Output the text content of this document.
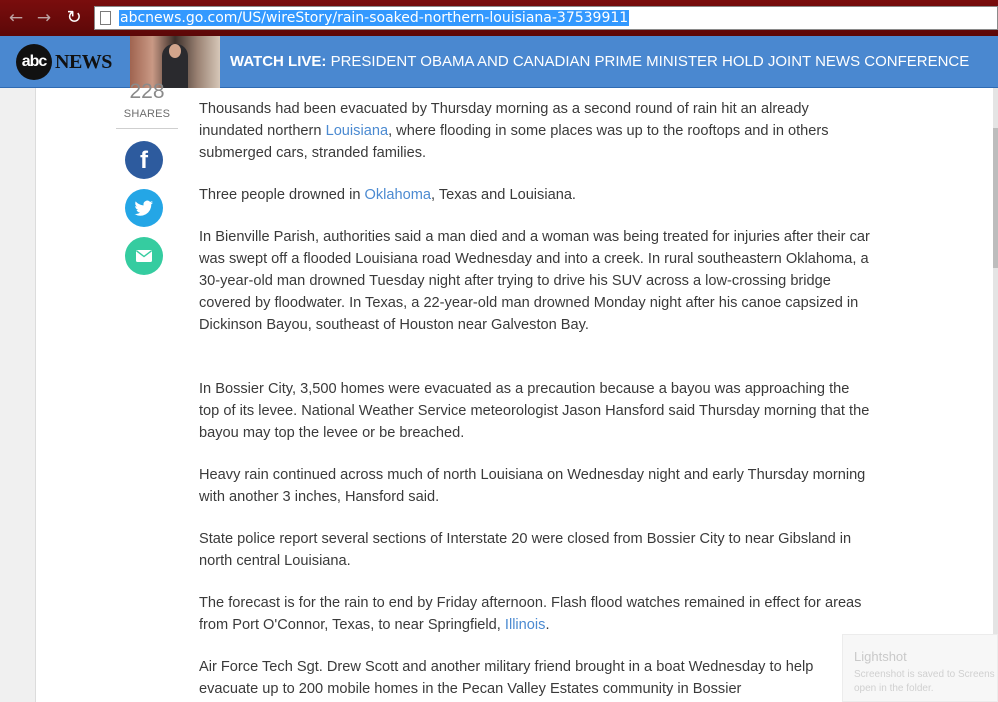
← → ↻	abcnews.go.com/US/wireStory/rain-soaked-northern-louisiana-37539911
abc NEWS	WATCH LIVE: PRESIDENT OBAMA AND CANADIAN PRIME MINISTER HOLD JOINT NEWS CONFERENCE
228
SHARES
f

Thousands had been evacuated by Thursday morning as a second round of rain hit an already inundated northern Louisiana, where flooding in some places was up to the rooftops and in others submerged cars, stranded families.

Three people drowned in Oklahoma, Texas and Louisiana.

In Bienville Parish, authorities said a man died and a woman was being treated for injuries after their car was swept off a flooded Louisiana road Wednesday and into a creek. In rural southeastern Oklahoma, a 30-year-old man drowned Tuesday night after trying to drive his SUV across a low-crossing bridge covered by floodwater. In Texas, a 22-year-old man drowned Monday night after his canoe capsized in Dickinson Bayou, southeast of Houston near Galveston Bay.

In Bossier City, 3,500 homes were evacuated as a precaution because a bayou was approaching the top of its levee. National Weather Service meteorologist Jason Hansford said Thursday morning that the bayou may top the levee or be breached.

Heavy rain continued across much of north Louisiana on Wednesday night and early Thursday morning with another 3 inches, Hansford said.

State police report several sections of Interstate 20 were closed from Bossier City to near Gibsland in north central Louisiana.

The forecast is for the rain to end by Friday afternoon. Flash flood watches remained in effect for areas from Port O'Connor, Texas, to near Springfield, Illinois.

Air Force Tech Sgt. Drew Scott and another military friend brought in a boat Wednesday to help evacuate up to 200 mobile homes in the Pecan Valley Estates community in Bossier

Lightshot
Screenshot is saved to Screens
open in the folder.
